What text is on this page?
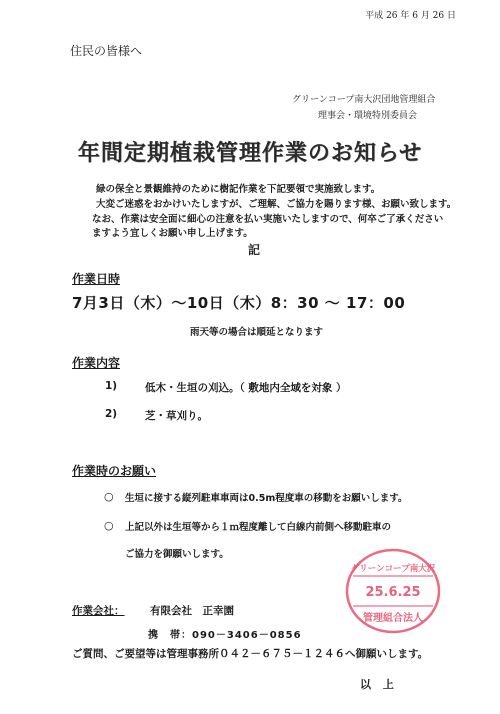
平成 26 年 6 月 26 日
住民の皆様へ
グリーンコープ南大沢団地管理組合
理事会・環境特別委員会
年間定期植栽管理作業のお知らせ
緑の保全と景観維持のために樹記作業を下記要領で実施致します。
大変ご迷惑をおかけいたしますが、ご理解、ご協力を賜ります様、お願い致します。
なお、作業は安全面に細心の注意を払い実施いたしますので、何卒ご了承ください
ますよう宜しくお願い申し上げます。
記
作業日時
7月3日（木）～10日（木）8：30 ～ 17：00
雨天等の場合は順延となります
作業内容
1)	低木・生垣の刈込。（ 敷地内全域を対象 ）
2)	芝・草刈り。
作業時のお願い
○ 生垣に接する縦列駐車車両は0.5m程度車の移動をお願いします。
○ 上記以外は生垣等から１ｍ程度離して白線内前側へ移動駐車の
ご協力を御願いします。
作業会社： 有限会社　正幸園
携　帯：090－3406－0856
ご質問、ご要望等は管理事務所０４２－６７５－１２４６へ御願いします。
以 上
グリーンコープ南大沢
25.6.25
管理組合法人
